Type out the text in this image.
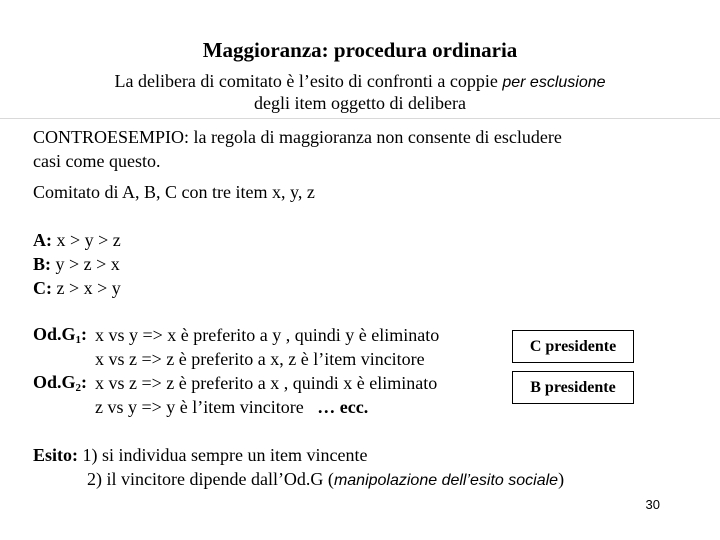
Maggioranza: procedura ordinaria
La delibera di comitato è l’esito di confronti a coppie per esclusione
degli item oggetto di delibera
CONTROESEMPIO: la regola di maggioranza non consente di escludere
casi come questo.
Comitato di A, B, C con tre item x, y, z
A: x > y > z
B: y > z > x
C: z > x > y
$Od.G_1$: x vs y => x è preferito a y , quindi y è eliminato
x vs z => z è preferito a x, z è l’item vincitore
$Od.G_2$: x vs z => z è preferito a x , quindi x è eliminato
z vs y => y è l’item vincitore … ecc.
C presidente
B presidente
Esito: 1) si individua sempre un item vincente
2) il vincitore dipende dall’Od.G (manipolazione dell’esito sociale)
30
